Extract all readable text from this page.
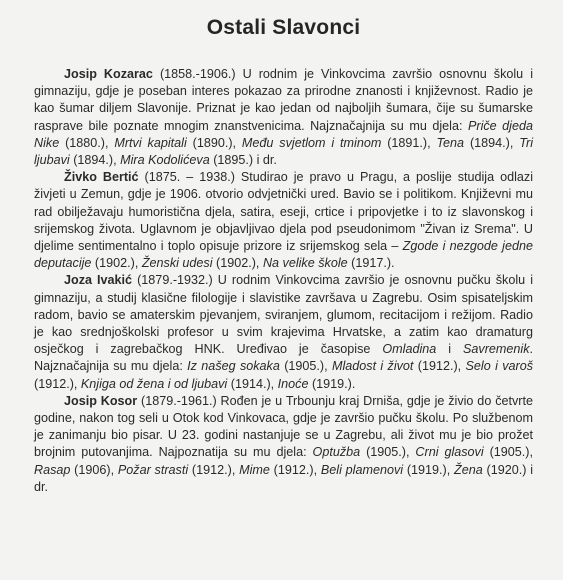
Ostali Slavonci

Josip Kozarac (1858.-1906.) U rodnim je Vinkovcima završio osnovnu školu i gimnaziju, gdje je poseban interes pokazao za prirodne znanosti i književnost. Radio je kao šumar diljem Slavonije. Priznat je kao jedan od najboljih šumara, čije su šumarske rasprave bile poznate mnogim znanstvenicima. Najznačajnija su mu djela: Priče djeda Nike (1880.), Mrtvi kapitali (1890.), Među svjetlom i tminom (1891.), Tena (1894.), Tri ljubavi (1894.), Mira Kodolićeva (1895.) i dr.

Živko Bertić (1875. – 1938.) Studirao je pravo u Pragu, a poslije studija odlazi živjeti u Zemun, gdje je 1906. otvorio odvjetnički ured. Bavio se i politikom. Književni mu rad obilježavaju humoristična djela, satira, eseji, crtice i pripovjetke i to iz slavonskog i srijemskog života. Uglavnom je objavljivao djela pod pseudonimom "Živan iz Srema". U djelime sentimentalno i toplo opisuje prizore iz srijemskog sela – Zgode i nezgode jedne deputacije (1902.), Ženski udesi (1902.), Na velike škole (1917.).

Joza Ivakić (1879.-1932.) U rodnim Vinkovcima završio je osnovnu pučku školu i gimnaziju, a studij klasične filologije i slavistike završava u Zagrebu. Osim spisateljskim radom, bavio se amaterskim pjevanjem, sviranjem, glumom, recitacijom i režijom. Radio je kao srednjoškolski profesor u svim krajevima Hrvatske, a zatim kao dramaturg osječkog i zagrebačkog HNK. Uređivao je časopise Omladina i Savremenik. Najznačajnija su mu djela: Iz našeg sokaka (1905.), Mladost i život (1912.), Selo i varoš (1912.), Knjiga od žena i od ljubavi (1914.), Inoće (1919.).

Josip Kosor (1879.-1961.) Rođen je u Trbounju kraj Drniša, gdje je živio do četvrte godine, nakon tog seli u Otok kod Vinkovaca, gdje je završio pučku školu. Po službenom je zanimanju bio pisar. U 23. godini nastanjuje se u Zagrebu, ali život mu je bio prožet brojnim putovanjima. Najpoznatija su mu djela: Optužba (1905.), Crni glasovi (1905.), Rasap (1906), Požar strasti (1912.), Mime (1912.), Beli plamenovi (1919.), Žena (1920.) i dr.
